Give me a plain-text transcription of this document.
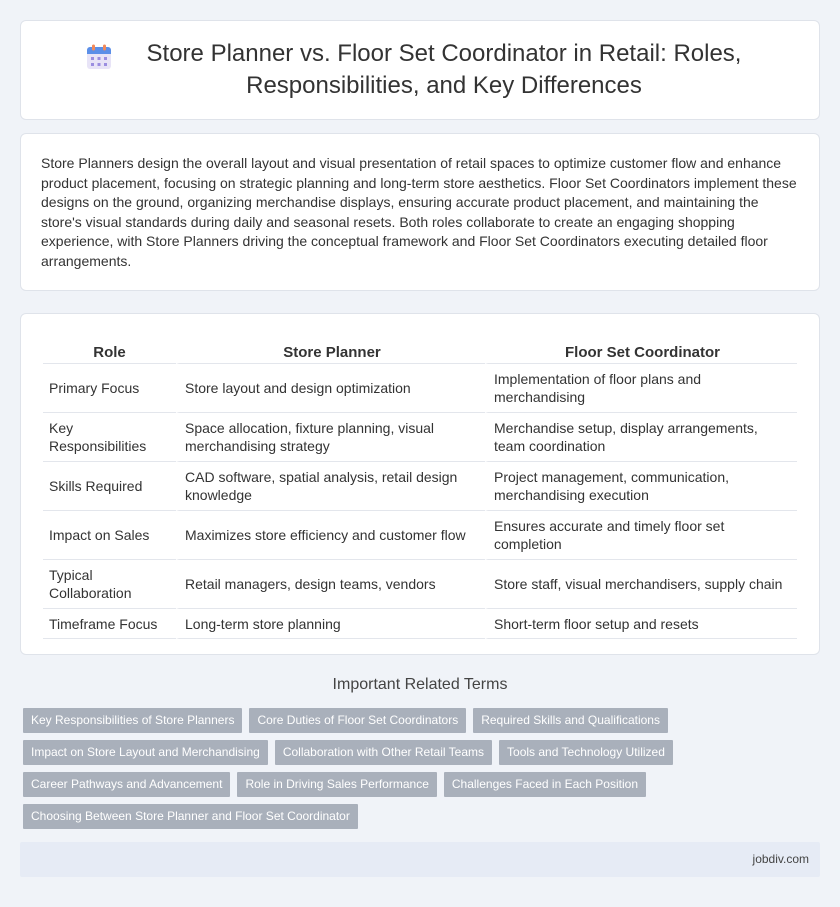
Store Planner vs. Floor Set Coordinator in Retail: Roles, Responsibilities, and Key Differences

Store Planners design the overall layout and visual presentation of retail spaces to optimize customer flow and enhance product placement, focusing on strategic planning and long-term store aesthetics. Floor Set Coordinators implement these designs on the ground, organizing merchandise displays, ensuring accurate product placement, and maintaining the store's visual standards during daily and seasonal resets. Both roles collaborate to create an engaging shopping experience, with Store Planners driving the conceptual framework and Floor Set Coordinators executing detailed floor arrangements.

Role	Store Planner	Floor Set Coordinator
Primary Focus	Store layout and design optimization	Implementation of floor plans and merchandising
Key Responsibilities	Space allocation, fixture planning, visual merchandising strategy	Merchandise setup, display arrangements, team coordination
Skills Required	CAD software, spatial analysis, retail design knowledge	Project management, communication, merchandising execution
Impact on Sales	Maximizes store efficiency and customer flow	Ensures accurate and timely floor set completion
Typical Collaboration	Retail managers, design teams, vendors	Store staff, visual merchandisers, supply chain
Timeframe Focus	Long-term store planning	Short-term floor setup and resets
Important Related Terms
Key Responsibilities of Store Planners	Core Duties of Floor Set Coordinators	Required Skills and Qualifications
Impact on Store Layout and Merchandising	Collaboration with Other Retail Teams	Tools and Technology Utilized
Career Pathways and Advancement	Role in Driving Sales Performance	Challenges Faced in Each Position
Choosing Between Store Planner and Floor Set Coordinator
jobdiv.com
